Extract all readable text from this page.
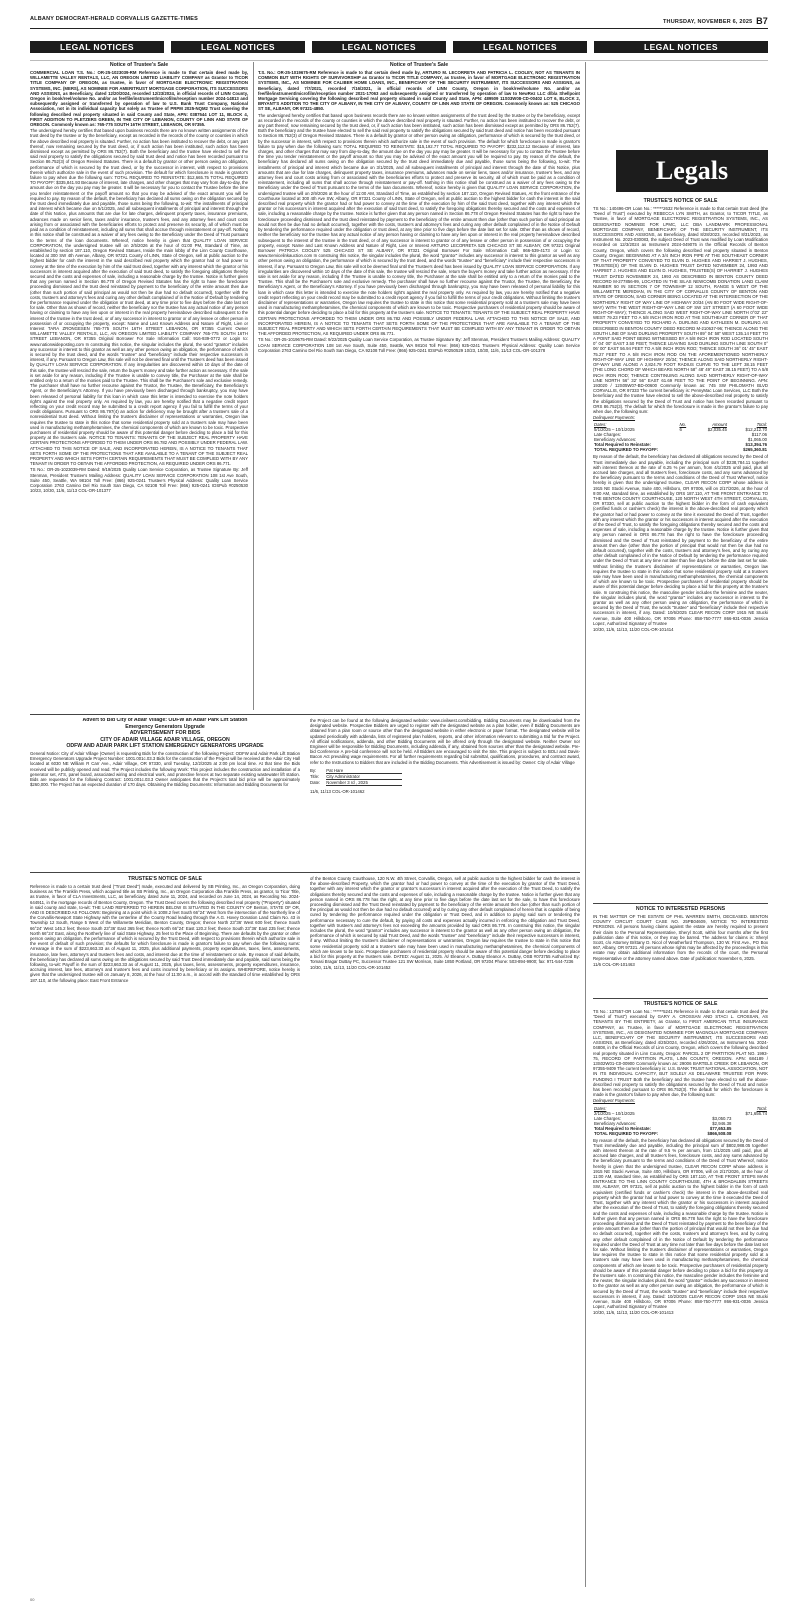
ALBANY DEMOCRAT-HERALD CORVALLIS GAZETTE-TIMES	THURSDAY, NOVEMBER 6, 2025 B7
LEGAL NOTICES	LEGAL NOTICES	LEGAL NOTICES	LEGAL NOTICES	LEGAL NOTICES
Notice of Trustee's Sale

COMMERCIAL LOAN T.S. No.: OR-25-1023039-RM Reference is made to that certain deed made by, WILLAMETTE VALLEY RENTALS, LLC, AN OREGON LIMITED LIABILITY COMPANY as Grantor to TICOR TITLE COMPANY OF OREGON, as trustee, in favor of MORTGAGE ELECTRONIC REGISTRATION SYSTEMS, INC. (MERS), AS NOMINEE FOR AMERITRUST MORTGAGE CORPORATION, ITS SUCCESSORS AND ASSIGNS, as Beneficiary, dated 12/20/2024, recorded 12/23/2024, in official records of LINN County, Oregon in book/reel/volume No. and/or as fee/file/instrument/microfilm/reception number 2024-14813 and subsequently assigned or transferred by operation of law to U.S. Bank Trust Company, National Association, not in its individual capacity but solely as Trustee of PRPM 2025-NQM2 Trust covering the following described real property situated in said County and State, APN: 0387544 LOT 11, BLOCK 4, FIRST ADDITION TO PLETZERS GREEN, IN THE CITY OF LEBANON, COUNTY OF LINN AND STATE OF OREGON. Commonly known as: 765-775 SOUTH 16TH STREET, LEBANON, OR 97355.

The undersigned hereby certifies that based upon business records there are no known written assignments of the trust deed by the trustee or by the beneficiary, except as recorded in the records of the county or counties in which the above described real property is situated. Further, no action has been instituted to recover the debt, or any part thereof, now remaining secured by the trust deed, or, if such action has been instituted, such action has been dismissed except as permitted by ORS 86.752(7). Both the beneficiary and the trustee have elected to sell the said real property to satisfy the obligations secured by said trust deed and notice has been recorded pursuant to Section 86.752(3) of Oregon Revised Statutes. There is a default by grantor or other person owing an obligation, performance of which is secured by the trust deed, or by the successor in interest, with respect to provisions therein which authorize sale in the event of such provision. The default for which foreclosure is made is grantor's failure to pay when due the following sum: TOTAL REQUIRED TO REINSTATE: $12,665.75 TOTAL REQUIRED TO PAYOFF: $335,841.93 Because of interest, late charges, and other charges that may vary from day-to-day, the amount due on the day you pay may be greater. It will be necessary for you to contact the Trustee before the time you tender reinstatement or the payoff amount so that you may be advised of the exact amount you will be required to pay. By reason of the default, the beneficiary has declared all sums owing on the obligation secured by the trust deed immediately due and payable, those sums being the following, to-wit: The installments of principal and interest which became due on 5/1/2025, and all subsequent installments of principal and interest through the date of this Notice, plus amounts that are due for late charges, delinquent property taxes, insurance premiums, advances made on senior liens, taxes and/or insurance, trustee's fees, and any attorney fees and court costs arising from or associated with the beneficiaries efforts to protect and preserve its security, all of which must be paid as a condition of reinstatement, including all sums that shall accrue through reinstatement or pay-off. Nothing in this notice shall be construed as a waiver of any fees owing to the Beneficiary under the Deed of Trust pursuant to the terms of the loan documents. Whereof, notice hereby is given that QUALITY LOAN SERVICE CORPORATION, the undersigned trustee will on 2/5/2026 at the hour of 01:00 PM, Standard of Time, as established by section 187.110, Oregon Revised Statues, Inside the main lobby of the Linn County Courthouse, located at 300 SW 4th Avenue, Albany, OR 97321 County of LINN, State of Oregon, sell at public auction to the highest bidder for cash the interest in the said described real property which the grantor had or had power to convey at the time of the execution by him of the said trust deed, together with any interest which the grantor or his successors in interest acquired after the execution of said trust deed, to satisfy the foregoing obligations thereby secured and the costs and expenses of sale, including a reasonable charge by the trustee. Notice is further given that any person named in Section 86.778 of Oregon Revised Statutes has the right to have the foreclosure proceeding dismissed and the trust deed reinstated by payment to the beneficiary of the entire amount then due (other than such portion of said principal as would not then be due had no default occurred), together with the costs, trustee's and attorney's fees and curing any other default complained of in the Notice of Default by tendering the performance required under the obligation or trust deed, at any time prior to five days before the date last set for sale. Other than as shown of record, neither the beneficiary nor the trustee has any actual notice of any person having or claiming to have any lien upon or interest in the real property hereinabove described subsequent to the interest of the trustee in the trust deed, or of any successor in interest to grantor or of any lessee or other person in possession of or occupying the property, except: Name and Last Known Address and Nature of Right, Lien or Interest TARA ZRONGESEN 765-775 SOUTH 16TH STREET LEBANON, OR 97355 Current Owner WILLAMETTE VALLEY RENTALS, LLC, AN OREGON LIMITED LIABILITY COMPANY 765-775 SOUTH 16TH STREET LEBANON, OR 97355 Original Borrower For Sale Information Call: 916-939-0772 or Login to: www.nationwideposting.com In construing this notice, the singular includes the plural, the word "grantor" includes any successor in interest to this grantor as well as any other person owing an obligation, the performance of which is secured by the trust deed, and the words "trustee" and "beneficiary" include their respective successors in interest, if any. Pursuant to Oregon Law, this sale will not be deemed final until the Trustee's deed has been issued by QUALITY LOAN SERVICE CORPORATION. If any irregularities are discovered within 10 days of the date of this sale, the trustee will rescind the sale, return the buyer's money and take further action as necessary. If the sale is set aside for any reason, including if the Trustee is unable to convey title, the Purchaser at the sale shall be entitled only to a return of the monies paid to the Trustee. This shall be the Purchaser's sole and exclusive remedy. The purchaser shall have no further recourse against the Trustor, the Trustee, the Beneficiary, the Beneficiary's Agent, or the Beneficiary's Attorney. If you have previously been discharged through bankruptcy, you may have been released of personal liability for this loan in which case this letter is intended to exercise the note holders right's against the real property only. As required by law, you are hereby notified that a negative credit report reflecting on your credit record may be submitted to a credit report agency if you fail to fulfill the terms of your credit obligations. Pursuant to ORS 86.797(4) an action for deficiency may be brought after a trustee's sale of a nonresidential trust deed. Without limiting the trustee's disclaimer of representations or warranties, Oregon law requires the trustee to state in this notice that some residential property sold at a trustee's sale may have been used in manufacturing methamphetamines, the chemical components of which are known to be toxic. Prospective purchasers of residential property should be aware of this potential danger before deciding to place a bid for this property at the trustee's sale. NOTICE TO TENANTS: TENANTS OF THE SUBJECT REAL PROPERTY HAVE CERTAIN PROTECTIONS AFFORDED TO THEM UNDER ORS 86.782 AND POSSIBLY UNDER FEDERAL LAW. ATTACHED TO THIS NOTICE OF SALE, AND INCORPORATED HEREIN, IS A NOTICE TO TENANTS THAT SETS FORTH SOME OF THE PROTECTIONS THAT ARE AVAILABLE TO A TENANT OF THE SUBJECT REAL PROPERTY AND WHICH SETS FORTH CERTAIN REQUIREMENTS THAT MUST BE COMPLIED WITH BY ANY TENANT IN ORDER TO OBTAIN THE AFFORDED PROTECTION, AS REQUIRED UNDER ORS 86.771.

TS No.: OR-25-1023039-RM Dated: 9/19/2025 Quality Loan Service Corporation, as Trustee Signature By: Jeff Stenman, President Trustee's Mailing Address: QUALITY LOAN SERVICE CORPORATION 108 1st Ave South, Suite 450, Seattle, WA 98104 Toll Free: (866) 925-0241 Trustee's Physical Address: Quality Loan Service Corporation 2763 Camino Del Rio South San Diego, CA 92108 Toll Free: (866) 925-0241 IDSPub #0250530 10/23, 10/30, 11/6, 11/13 COL-OR-101377

Notice of Trustee's Sale

T.S. No.: OR-25-1019675-RM Reference is made to that certain deed made by, ARTURO M. LECORRETA AND PATRICIA L. COOLEY, NOT AS TENANTS IN COMMON BUT WITH RIGHTS OF SURVIVORSHIP as Grantor to TICOR TITLE COMPANY, as trustee, in favor of MORTGAGE ELECTRONIC REGISTRATION SYSTEMS, INC., AS NOMINEE FOR CALIBER HOME LOANS, INC., BENEFICIARY OF THE SECURITY INSTRUMENT, ITS SUCCESSORS AND ASSIGNS, as Beneficiary, dated 7/7/2021, recorded 7/16/2021, in official records of LINN County, Oregon in book/reel/volume No. and/or as fee/file/instrument/microfilm/reception number 2021-17063 and subsequently assigned or transferred by operation of law to NewRez LLC d/b/a Shellpoint Mortgage Servicing covering the following described real property situated in said County and State, APN: 489509 11S03W08-CD-00402 LOT 6, BLOCK 2, BRYANT'S ADDITION TO THE CITY OF ALBANY, IN THE CITY OF ALBANY, COUNTY OF LINN AND STATE OF OREGON. Commonly known as: 525 CHICAGO ST SE, ALBANY, OR 97321-4850.

The undersigned hereby certifies that based upon business records there are no known written assignments of the trust deed by the trustee or by the beneficiary, except as recorded in the records of the county or counties in which the above described real property is situated. Further, no action has been instituted to recover the debt, or any part thereof, now remaining secured by the trust deed, or, if such action has been instituted, such action has been dismissed except as permitted by ORS 86.752(7). Both the beneficiary and the trustee have elected to sell the said real property to satisfy the obligations secured by said trust deed and notice has been recorded pursuant to Section 86.752(3) of Oregon Revised Statutes. There is a default by grantor or other person owing an obligation, performance of which is secured by the trust deed, or by the successor in interest, with respect to provisions therein which authorize sale in the event of such provision. The default for which foreclosure is made is grantor's failure to pay when due the following sum: TOTAL REQUIRED TO REINSTATE: $15,192.77 TOTAL REQUIRED TO PAYOFF: $232,112.12 Because of interest, late charges, and other charges that may vary from day-to-day, the amount due on the day you pay may be greater. It will be necessary for you to contact the Trustee before the time you tender reinstatement or the payoff amount so that you may be advised of the exact amount you will be required to pay. By reason of the default, the beneficiary has declared all sums owing on the obligation secured by the trust deed immediately due and payable, those sums being the following, to-wit: The installments of principal and interest which became due on 3/1/2025, and all subsequent installments of principal and interest through the date of this Notice, plus amounts that are due for late charges, delinquent property taxes, insurance premiums, advances made on senior liens, taxes and/or insurance, trustee's fees, and any attorney fees and court costs arising from or associated with the beneficiaries efforts to protect and preserve its security, all of which must be paid as a condition of reinstatement, including all sums that shall accrue through reinstatement or pay-off. Nothing in this notice shall be construed as a waiver of any fees owing to the Beneficiary under the Deed of Trust pursuant to the terms of the loan documents. Whereof, notice hereby is given that QUALITY LOAN SERVICE CORPORATION, the undersigned trustee will on 2/9/2026 at the hour of 11:00 AM, Standard of Time, as established by section 187.110, Oregon Revised Statues, At the front entrance of the Courthouse located at 300 4th Ave SW, Albany, OR 97321 County of LINN, State of Oregon, sell at public auction to the highest bidder for cash the interest in the said described real property which the grantor had or had power to convey at the time of the execution by him of the said trust deed, together with any interest which the grantor or his successors in interest acquired after the execution of said trust deed, to satisfy the foregoing obligations thereby secured and the costs and expenses of sale, including a reasonable charge by the trustee. Notice is further given that any person named in Section 86.778 of Oregon Revised Statutes has the right to have the foreclosure proceeding dismissed and the trust deed reinstated by payment to the beneficiary of the entire amount then due (other than such portion of said principal as would not then be due had no default occurred), together with the costs, trustee's and attorney's fees and curing any other default complained of in the Notice of Default by tendering the performance required under the obligation or trust deed, at any time prior to five days before the date last set for sale. Other than as shown of record, neither the beneficiary nor the trustee has any actual notice of any person having or claiming to have any lien upon or interest in the real property hereinabove described subsequent to the interest of the trustee in the trust deed, or of any successor in interest to grantor or of any lessee or other person in possession of or occupying the property, except: Name and Last Known Address and Nature of Right, Lien or Interest ARTURO LECORRETA 525 CHICAGO ST SE ALBANY, OR 97321 Original Borrower PATRICIA COOLEY 525 CHICAGO ST SE ALBANY, OR 97321 Original Borrower For Sale Information Call: 866-539-4173 or Login to: www.Servicelinkauction.com In construing this notice, the singular includes the plural, the word "grantor" includes any successor in interest to this grantor as well as any other person owing an obligation, the performance of which is secured by the trust deed, and the words "trustee" and "beneficiary" include their respective successors in interest, if any. Pursuant to Oregon Law, this sale will not be deemed final until the Trustee's deed has been issued by QUALITY LOAN SERVICE CORPORATION. If any irregularities are discovered within 10 days of the date of this sale, the trustee will rescind the sale, return the buyer's money and take further action as necessary. If the sale is set aside for any reason, including if the Trustee is unable to convey title, the Purchaser at the sale shall be entitled only to a return of the monies paid to the Trustee. This shall be the Purchaser's sole and exclusive remedy. The purchaser shall have no further recourse against the Trustor, the Trustee, the Beneficiary, the Beneficiary's Agent, or the Beneficiary's Attorney. If you have previously been discharged through bankruptcy, you may have been released of personal liability for this loan in which case this letter is intended to exercise the note holders right's against the real property only. As required by law, you are hereby notified that a negative credit report reflecting on your credit record may be submitted to a credit report agency if you fail to fulfill the terms of your credit obligations. Without limiting the trustee's disclaimer of representations or warranties, Oregon law requires the trustee to state in this notice that some residential property sold at a trustee's sale may have been used in manufacturing methamphetamines, the chemical components of which are known to be toxic. Prospective purchasers of residential property should be aware of this potential danger before deciding to place a bid for this property at the trustee's sale. NOTICE TO TENANTS: TENANTS OF THE SUBJECT REAL PROPERTY HAVE CERTAIN PROTECTIONS AFFORDED TO THEM UNDER ORS 86.782 AND POSSIBLY UNDER FEDERAL LAW. ATTACHED TO THIS NOTICE OF SALE, AND INCORPORATED HEREIN, IS A NOTICE TO TENANTS THAT SETS FORTH SOME OF THE PROTECTIONS THAT ARE AVAILABLE TO A TENANT OF THE SUBJECT REAL PROPERTY AND WHICH SETS FORTH CERTAIN REQUIREMENTS THAT MUST BE COMPLIED WITH BY ANY TENANT IN ORDER TO OBTAIN THE AFFORDED PROTECTION, AS REQUIRED UNDER ORS 86.771.

TS No.: OR-25-1019675-RM Dated: 9/22/2025 Quality Loan Service Corporation, as Trustee Signature By: Jeff Stenman, President Trustee's Mailing Address: QUALITY LOAN SERVICE CORPORATION 108 1st Ave South, Suite 450, Seattle, WA 98104 Toll Free: (866) 925-0241 Trustee's Physical Address: Quality Loan Service Corporation 2763 Camino Del Rio South San Diego, CA 92108 Toll Free: (866) 925-0241 IDSPub #0250529 10/23, 10/30, 11/6, 11/13 COL-OR-101378

Legals
TRUSTEE'S NOTICE OF SALE

TS No.: 140496-OR Loan No.: ******2632 Reference is made to that certain trust deed (the "Deed of Trust") executed by REBECCA LYN SMITH, as Grantor, to TICOR TITLE, as Trustee, in favor of MORTGAGE ELECTRONIC REGISTRATION SYSTEMS, INC., AS DESIGNATED NOMINEE FOR LPMC, LLC DBA LANDMARK PROFESSIONAL MORTGAGE COMPANY, BENEFICIARY OF THE SECURITY INSTRUMENT, ITS SUCCESSORS AND ASSIGNS, as Beneficiary, dated 8/28/2023, recorded 8/31/2023, as Instrument No. 2023-030083, the subject Deed of Trust was modified by Loan Modification recorded on 12/3/2024 as Instrument 2024-049075 in the Official Records of Benton County, Oregon, which covers the following described real property situated in Benton County, Oregon: BEGINNING AT A 3/4 INCH IRON PIPE AT THE SOUTHEAST CORNER OF THAT PROPERTY CONVEYED TO ELVIN D. HUGHES AND HARRIET J. HUGHES, TRUSTEE(S) OF THE ELVIN D. HUGHES TRUST DATED NOVEMBER 24, 1993 AND HARRIET J. HUGHES AND ELVIN D. HUGHES, TRUSTEE(S) OF HARRIET J. HUGHES TRUST DATED NOVEMBER 24, 1993 AS DESCRIBED IN BENTON COUNTY DEED RECORD M-277856-99, LOCATED IN THE SILAS NEWCOMB DONATION LAND CLAIM NUMBER 50 IN SECTION 7 OF TOWNSHIP 12 SOUTH, RANGE 5 WEST OF THE WILLAMETTE MERIDIAN, IN THE CITY OF CORVALLIS COUNTY OF BENTON AND STATE OF OREGON, SAID CORNER BEING LOCATED AT THE INTERSECTION OF THE NORTHERLY RIGHT OF WAY LINE OF HIGHWAY 20/34 (AN 80 FOOT WIDE RIGHT-OF-WAY) WITH THE WEST RIGHT-OF-WAY LINE OF SW 1ST STREET (A 60 FOOT WIDE RIGHT-OF-WAY); THENCE ALONG SAID WEST RIGHT-OF-WAY LINE NORTH 0°02' 22" WEST 79.23 FEET TO A 5/8 INCH IRON ROD AT THE SOUTHEAST CORNER OF THAT PROPERTY CONVEYED TO RICHARD A. DURLING AND KATHLEEN M. DURLING AS DESCRIBED IN BENTON COUNTY DEED RECORD M-210637-96; THENCE ALONG THE SOUTH LINE OF SAID DURLING PROPERTY SOUTH 89° 04' 58" WEST 135.14 FEET TO A POINT SAID POINT BEING WITNESSED BY A 5/8 INCH IRON ROD LOCATED SOUTH 0° 04' 00" EAST 3.50 FEET; THENCE LEAVING SAID DURLING SOUTH LINE SOUTH 0° 06' 00" EAST 56.94 FEET TO A 5/8 INCH IRON ROD; THENCE SOUTH 36° 01' 45" EAST 75.27 FEET TO A 5/8 INCH IRON ROD ON THE AFOREMENTIONED NORTHERLY RIGHT-OF-WAY LINE OF HIGHWAY 20/34; THENCE ALONG SAID NORTHERLY RIGHT-OF-WAY LINE ALONG A 2,824.79 FOOT RADIUS CURVE TO THE LEFT 38.15 FEET (THE LONG CHORD OF WHICH BEARS NORTH 58° 48' 49" EAST 38.15 FEET) TO A 5/8 INCH IRON ROD; THENCE CONTINUING ALONG SAID NORTHERLY RIGHT-OF-WAY LINE NORTH 56° 32' 56" EAST 61.69 FEET TO THE POINT OF BEGINNING. APN: 193020 / 12S05W07-BD-00600 Commonly known as: 745 SW PHILOMATH BLVD CORVALLIS, OR 97333 The current beneficiary is: PennyMac Loan Services, LLC Both the beneficiary and the trustee have elected to sell the above-described real property to satisfy the obligations secured by the Deed of Trust and notice has been recorded pursuant to ORS 86.752(3). The default for which the foreclosure is made is the grantor's failure to pay when due, the following sum:

Delinquent Payments:

Dates:	No.	Amount	Total:
5/1/2025 – 10/1/2025	6	$2,035.45	$12,212.70
Late Charges:			$117.06
Beneficiary Advances:			$1,065.00
Total Required to Reinstate:			$13,394.76
TOTAL REQUIRED TO PAYOFF:			$265,360.81

By reason of the default, the beneficiary has declared all obligations secured by the Deed of Trust immediately due and payable, including the principal sum of $238,784.11 together with interest thereon at the rate of 6.25 % per annum, from 4/1/2025 until paid, plus all accrued late charges, and all trustee's fees, foreclosure costs, and any sums advanced by the beneficiary pursuant to the terms and conditions of the Deed of Trust Whereof, notice hereby is given that the undersigned trustee, CLEAR RECON CORP whose address is 1915 NE Stucki Avenue, Suite 400, Hillsboro, OR 97006, will on 2/17/2026, at the hour of 9:00 AM, standard time, as established by ORS 187.110, AT THE FRONT ENTRANCE TO THE BENTON COUNTY COURTHOUSE, 120 NORTH WEST 4TH STREET, CORVALLIS, OR 97330, sell at public auction to the highest bidder in the form of cash equivalent (certified funds or cashier's check) the interest in the above-described real property which the grantor had or had power to convey at the time it executed the Deed of Trust, together with any interest which the grantor or his successors in interest acquired after the execution of the Deed of Trust, to satisfy the foregoing obligations thereby secured and the costs and expenses of sale, including a reasonable charge by the trustee. Notice is further given that any person named in ORS 86.778 has the right to have the foreclosure proceeding dismissed and the Deed of Trust reinstated by payment to the beneficiary of the entire amount then due (other than the portion of principal that would not then be due had no default occurred), together with the costs, trustee's and attorney's fees, and by curing any other default complained of in the Notice of Default by tendering the performance required under the Deed of Trust at any time not later than five days before the date last set for sale. Without limiting the trustee's disclaimer of representations or warranties, Oregon law requires the trustee to state in this notice that some residential property sold at a trustee's sale may have been used in manufacturing methamphetamines, the chemical components of which are known to be toxic. Prospective purchasers of residential property should be aware of this potential danger before deciding to place a bid for this property at the trustee's sale. In construing this notice, the masculine gender includes the feminine and the neuter, the singular includes plural, the word "grantor" includes any successor in interest to the grantor as well as any other person owing an obligation, the performance of which is secured by the Deed of Trust, the words "trustee" and "beneficiary" include their respective successors in interest, if any. Dated: 10/6/2025 CLEAR RECON CORP 1915 NE Stucki Avenue, Suite 400 Hillsboro, OR 97006 Phone: 858-750-7777 866-931-0036 Jessica Lopez, Authorized Signatory of Trustee

10/30, 11/6, 11/13, 11/20 COL-OR-101414

NOTICE TO INTERESTED PERSONS

IN THE MATTER OF THE ESTATE OF PHIL WARREN SMITH, DECEASED. BENTON COUNTY CIRCUIT COURT CASE NO. 25PB04609, NOTICE TO INTERESTED PERSONS. All persons having claims against the estate are hereby required to present their claim to the Personal Representative, Sheryl Scott, within four months after the first publication date of this notice, or they may be barred. The address for claims is: Sheryl Scott, c/o Attorney Brittany D. Nicol of Weatherford Thompson, 130 W. First Ave., PO Box 667, Albany, OR 97321. All persons whose rights may be affected by the proceedings in this estate may obtain additional information from the records of the court, the Personal Representative or the attorney named above. Date of publication: November 6, 2025.

11/6 COL-OR-101463

TRUSTEE'S NOTICE OF SALE

TS No.: 137557-OR Loan No.: ******5241 Reference is made to that certain trust deed (the "Deed of Trust") executed by GARY A. CROSSAN AND STACI L. CROSSAN, AS TENANTS BY THE ENTIRETY, as Grantor, to FIRST AMERICAN TITLE INSURANCE COMPANY, as Trustee, in favor of MORTGAGE ELECTRONIC REGISTRATION SYSTEMS, INC., AS DESIGNATED NOMINEE FOR MAGNOLIA MORTGAGE COMPANY, LLC, BENEFICIARY OF THE SECURITY INSTRUMENT, ITS SUCCESSORS AND ASSIGNS, as Beneficiary, dated 4/25/2024, recorded 4/26/2024, as Instrument No. 2024-04808, in the Official Records of Linn County, Oregon, which covers the following described real property situated in Linn County, Oregon: PARCEL 2 OF PARTITION PLAT NO. 1993-75, RECORD OF PARTITION PLATS, LINN COUNTY, OREGON. APN: 684189 / 13S02W01-C0-00900 Commonly known as: 29006 BARTELS CREEK DR LEBANON, OR 97355-9409 The current beneficiary is: U.S. BANK TRUST NATIONAL ASSOCIATION, NOT IN ITS INDIVIDUAL CAPACITY, BUT SOLELY AS DELAWARE TRUSTEE FOR PARK FUNDING I TRUST Both the beneficiary and the trustee have elected to sell the above-described real property to satisfy the obligations secured by the Deed of Trust and notice has been recorded pursuant to ORS 86.752(3). The default for which the foreclosure is made is the grantor's failure to pay when due, the following sum:

Delinquent Payments:

Dates:			Total:
2/1/2025 – 10/1/2025			$71,656.74
Late Charges:		$3,050.73	
Beneficiary Advances:		$2,946.38	
Total Required to Reinstate:		$77,653.85	
TOTAL REQUIRED TO PAYOFF:		$866,508.08	

By reason of the default, the beneficiary has declared all obligations secured by the Deed of Trust immediately due and payable, including the principal sum of $802,988.05 together with interest thereon at the rate of 9.5 % per annum, from 1/1/2025 until paid, plus all accrued late charges, and all trustee's fees, foreclosure costs, and any sums advanced by the beneficiary pursuant to the terms and conditions of the Deed of Trust Whereof, notice hereby is given that the undersigned trustee, CLEAR RECON CORP whose address is 1915 NE Stucki Avenue, Suite 400, Hillsboro, OR 97006, will on 2/17/2026, at the hour of 11:00 AM, standard time, as established by ORS 187.110, AT THE FRONT STEPS MAIN ENTRANCE TO THE LINN COUNTY COURTHOUSE, 4TH & BROADALBIN STREETS SW, ALBANY, OR 97321, sell at public auction to the highest bidder in the form of cash equivalent (certified funds or cashier's check) the interest in the above-described real property which the grantor had or had power to convey at the time it executed the Deed of Trust, together with any interest which the grantor or his successors in interest acquired after the execution of the Deed of Trust, to satisfy the foregoing obligations thereby secured and the costs and expenses of sale, including a reasonable charge by the trustee. Notice is further given that any person named in ORS 86.778 has the right to have the foreclosure proceeding dismissed and the Deed of Trust reinstated by payment to the beneficiary of the entire amount then due (other than the portion of principal that would not then be due had no default occurred), together with the costs, trustee's and attorney's fees, and by curing any other default complained of in the Notice of Default by tendering the performance required under the Deed of Trust at any time not later than five days before the date last set for sale. Without limiting the trustee's disclaimer of representations or warranties, Oregon law requires the trustee to state in this notice that some residential property sold at a trustee's sale may have been used in manufacturing methamphetamines, the chemical components of which are known to be toxic. Prospective purchasers of residential property should be aware of this potential danger before deciding to place a bid for this property at the trustee's sale. In construing this notice, the masculine gender includes the feminine and the neuter, the singular includes plural, the word "grantor" includes any successor in interest to the grantor as well as any other person owing an obligation, the performance of which is secured by the Deed of Trust, the words "trustee" and "beneficiary" include their respective successors in interest, if any. Dated: 10/2/2025 CLEAR RECON CORP 1915 NE Stucki Avenue, Suite 400 Hillsboro, OR 97006 Phone: 858-750-7777 866-931-0036 Jessica Lopez, Authorized Signatory of Trustee

10/30, 11/6, 11/13, 11/20 COL-OR-101413

Advert to Bid City of Adair Village: ODFW an Adair Park Lift Station
Emergency Generators Upgrade
ADVERTISEMENT FOR BIDS
CITY OF ADAIR VILLAGE ADAIR VILLAGE, OREGON
ODFW AND ADAIR PARK LIFT STATION EMERGENCY GENERATORS UPGRADE

General Notice: City of Adair Village (Owner) is requesting Bids for the construction of the following Project: ODFW and Adair Park Lift Station Emergency Generators Upgrade Project Number: 1001.001c.03.3 Bids for the construction of the Project will be received at the Adair City Hall located at 6030 NE William R Carr Ave., Adair Village, OR 97330, until Tuesday, 12/2/2025 at 2:00 pm local time. At that time the Bids received will be publicly opened and read. The Project includes the following Work: This project includes the construction and installation of a generator set, ATS, panel board, associated wiring and electrical work, and protective fences at two separate existing wastewater lift station. Bids are requested for the following Contract: 1001.001c.03.3 Owner anticipates that the Project's total bid price will be approximately $260,000. The Project has an expected duration of 170 days. Obtaining the Bidding Documents: Information and Bidding Documents for

the Project can be found at the following designated website: www.civilwest.com/bidding. Bidding Documents may be downloaded from the designated website. Prospective Bidders are urged to register with the designated website as a plan holder, even if Bidding Documents are obtained from a plan room or source other than the designated website in either electronic or paper format. The designated website will be updated periodically with addenda, lists of registered plan holders, reports, and other information relevant to submitting a Bid for the Project. All official notifications, addenda, and other Bidding Documents will be offered only through the designated website. Neither Owner nor Engineer will be responsible for Bidding Documents, including addenda, if any, obtained from sources other than the designated website. Pre-bid Conference A pre-bid conference will not be held. All Bidders are encouraged to visit the Site. This project is subject to BOLI and Davis-Bacon Act prevailing wage requirements. For all further requirements regarding bid submittal, qualifications, procedures, and contract award, refer to the Instructions to Bidders that are included in the Bidding Documents. This Advertisement is issued by: Owner: City of Adair Village

By:	Pat Hare
Title:	City Administrator
Date:	November 3 rd , 2025

11/6, 11/13 COL-OR-101462

TRUSTEE'S NOTICE OF SALE

Reference is made to a certain trust deed ("Trust Deed") made, executed and delivered by SB Printing, Inc., an Oregon Corporation, doing business as The Franklin Press, which acquired title as SB Printing, Inc., an Oregon Corporation dba Franklin Press, as grantor, to Ticor Title, as trustee, in favor of CLA Investments, LLC, as beneficiary, dated June 11, 2024, and recorded on June 14, 2024, as Recording No. 2024-644911, in the mortgage records of Benton County, Oregon. The Trust Deed covers the following described real property ("Property") situated in said county and state, to-wit: THE LAND REFERRED TO HEREIN BELOW IS SITUATED IN THE COUNTY OF Benton, STATE OF OR, AND IS DESCRIBED AS FOLLOWS: Beginning at a point which is 1008.2 feet South 66°24' West from the intersection of the Northerly line of the Corvallis-Newport State Highway with the centerline of the County Road leading through the A.G. Hovey Donation Land Claim No. 43 in Township 12 South, Range 5 West of the Willamette Meridian, Benton County, Oregon; thence North 23°36' West 600 feet; thence South 66°24' West 145.2 feet; thence South 23°36' East 365 feet; thence North 66°24' East 120.2 feet; thence South 23°36' East 235 feet; thence North 66°24' East, along the Northerly line of said State Highway, 25 feet to the Place of Beginning. There are defaults by the grantor or other person owing an obligation, the performance of which is secured by the Trust Deed, with respect to provisions therein which authorize sale in the event of default of such provision; the defaults for which foreclosure is made is grantor's failure to pay when due the following sums: Arrearage in the sum of $223,663.33 as of August 11, 2025, plus additional payments, property expenditures, taxes, liens, assessments, insurance, late fees, attorney's and trustee's fees and costs, and interest due at the time of reinstatement or sale. By reason of said defaults, the beneficiary has declared all sums owing on the obligations secured by said Trust Deed immediately due and payable, said sums being the following, to-wit: Payoff in the sum of $223,663.33 as of August 11, 2025, plus taxes, liens, assessments, property expenditures, insurance, accruing interest, late fees, attorney's and trustee's fees and costs incurred by beneficiary or its assigns. WHEREFORE, notice hereby is given that the undersigned trustee will on January 8, 2026, at the hour of 11:00 a.m., in accord with the standard of time established by ORS 187.110, at the following place: East Front Entrance

of the Benton County Courthouse, 120 N.W. 4th Street, Corvallis, Oregon, sell at public auction to the highest bidder for cash the interest in the above-described Property, which the grantor had or had power to convey at the time of the execution by grantor of the Trust Deed, together with any interest which the grantor or grantor's successors in interest acquired after the execution of the Trust Deed, to satisfy the obligations thereby secured and the costs and expenses of sale, including a reasonable charge by the trustee. Notice is further given that any person named in ORS 86.778 has the right, at any time prior to five days before the date last set for the sale, to have this foreclosure proceeding dismissed and the Trust Deed reinstated by payment to the beneficiary of the entire amount then due (other than such portion of the principal as would not then be due had no default occurred) and by curing any other default complained of herein that is capable of being cured by tendering the performance required under the obligation or Trust Deed, and in addition to paying said sum or tendering the performance necessary to cure the default, by paying all costs and expenses actually incurred in enforcing the obligation and Trust Deed, together with trustee's and attorney's fees not exceeding the amounts provided by said ORS 86.778. In construing this notice, the singular includes the plural, the word "grantor" includes any successor in interest to the grantor as well as any other person owing an obligation, the performance of which is secured by said Trust Deed, and the words "trustee" and "beneficiary" include their respective successors in interest, if any. Without limiting the trustee's disclaimer of representations or warranties, Oregon law requires the trustee to state in this notice that some residential property sold at a trustee's sale may have been used in manufacturing methamphetamines, the chemical components of which are known to be toxic. Prospective purchasers of residential property should be aware of this potential danger before deciding to place a bid for this property at the trustee's sale. DATED: August 11, 2025. /s/ Eleanor A. DuBay Eleanor A. DuBay, OSB #073755 Authorized By: Tomasi Bragar DuBay PC, Successor Trustee 121 SW Morrison, Suite 1850 Portland, OR 97204 Phone: 503-894-9900; fax: 971-544-7236

10/30, 11/6, 11/13, 11/20 COL-OR-101452

00
